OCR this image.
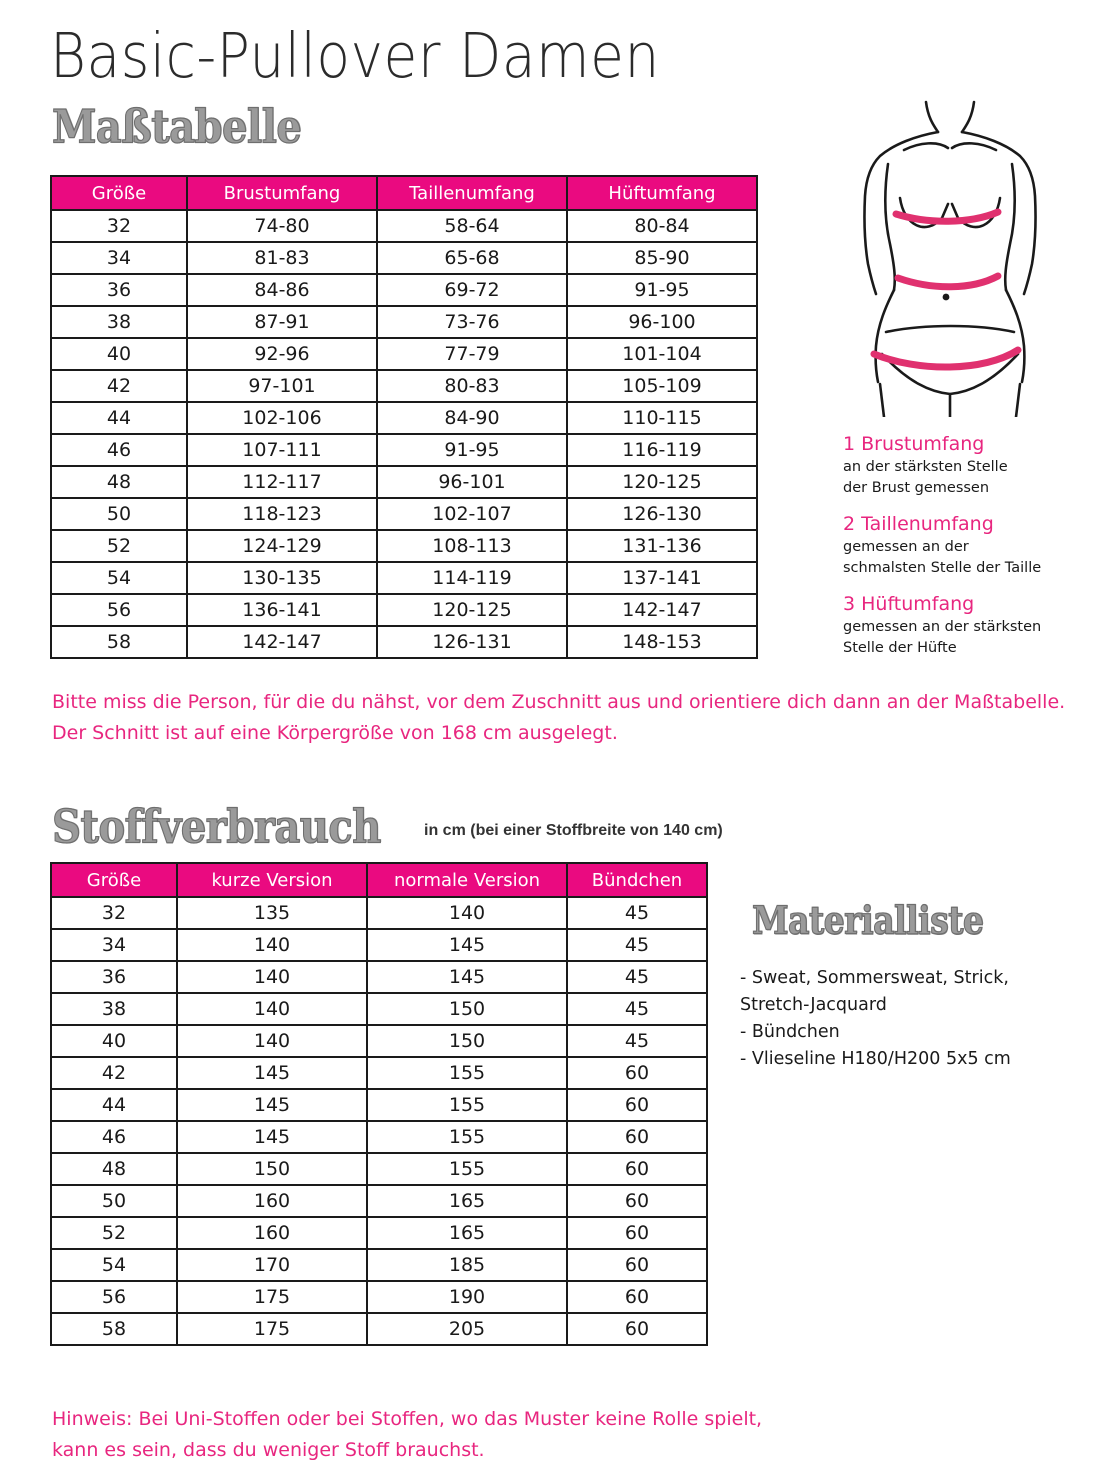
Basic-Pullover Damen
Maßtabelle
Größe	Brustumfang	Taillenumfang	Hüftumfang
32	74-80	58-64	80-84
34	81-83	65-68	85-90
36	84-86	69-72	91-95
38	87-91	73-76	96-100
40	92-96	77-79	101-104
42	97-101	80-83	105-109
44	102-106	84-90	110-115
46	107-111	91-95	116-119
48	112-117	96-101	120-125
50	118-123	102-107	126-130
52	124-129	108-113	131-136
54	130-135	114-119	137-141
56	136-141	120-125	142-147
58	142-147	126-131	148-153
1 Brustumfang
an der stärksten Stelle
der Brust gemessen
2 Taillenumfang
gemessen an der
schmalsten Stelle der Taille
3 Hüftumfang
gemessen an der stärksten
Stelle der Hüfte
Bitte miss die Person, für die du nähst, vor dem Zuschnitt aus und orientiere dich dann an der Maßtabelle.
Der Schnitt ist auf eine Körpergröße von 168 cm ausgelegt.
Stoffverbrauch	in cm (bei einer Stoffbreite von 140 cm)
Größe	kurze Version	normale Version	Bündchen
32	135	140	45
34	140	145	45
36	140	145	45
38	140	150	45
40	140	150	45
42	145	155	60
44	145	155	60
46	145	155	60
48	150	155	60
50	160	165	60
52	160	165	60
54	170	185	60
56	175	190	60
58	175	205	60
Materialliste
- Sweat, Sommersweat, Strick,
Stretch-Jacquard
- Bündchen
- Vlieseline H180/H200 5x5 cm
Hinweis: Bei Uni-Stoffen oder bei Stoffen, wo das Muster keine Rolle spielt,
kann es sein, dass du weniger Stoff brauchst.
